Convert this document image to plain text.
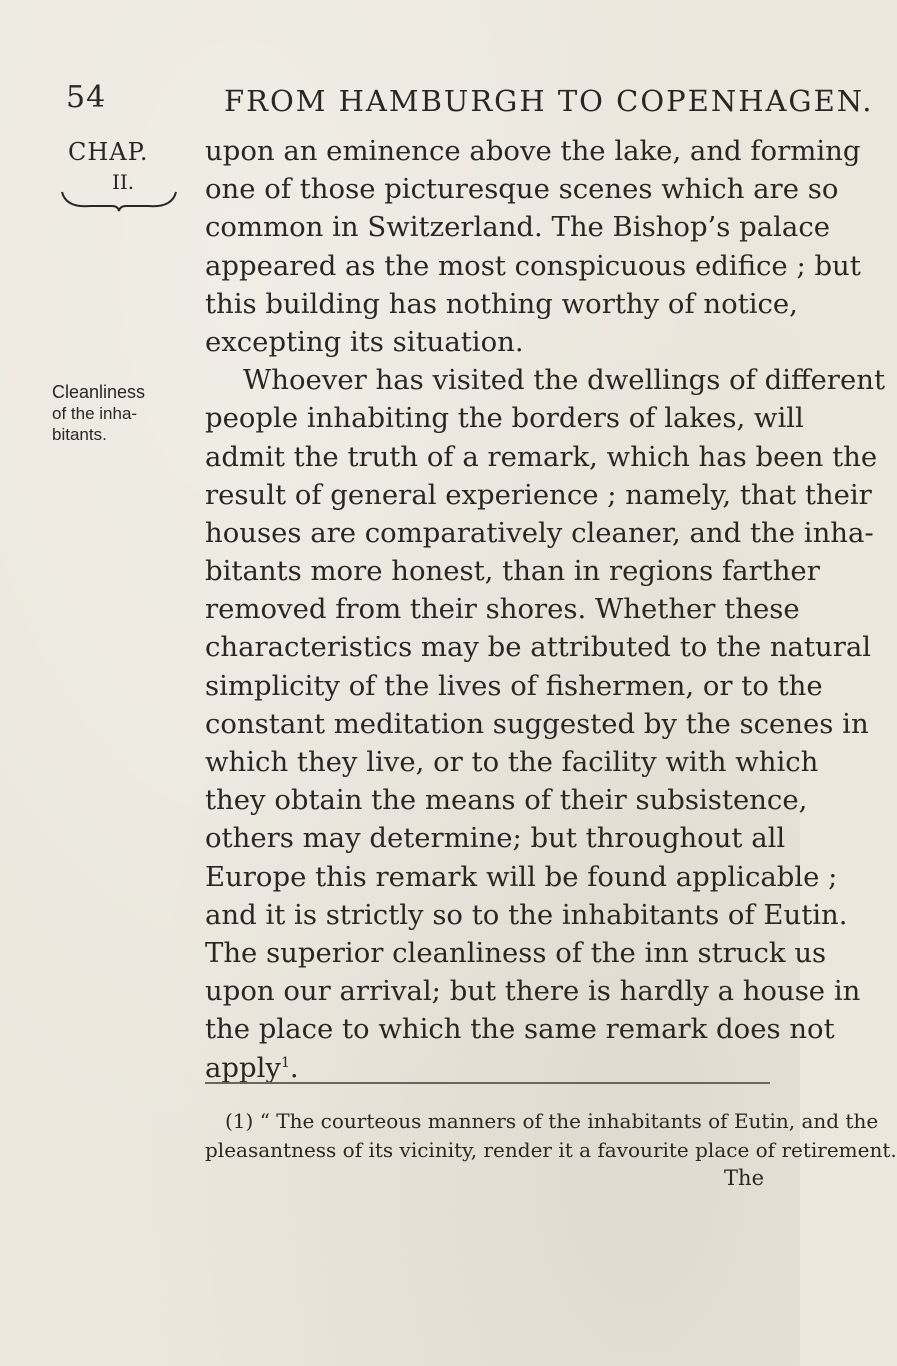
54	FROM HAMBURGH TO COPENHAGEN.
CHAP.
II.
Cleanliness
of the inha-
bitants.
upon an eminence above the lake, and forming
one of those picturesque scenes which are so
common in Switzerland. The Bishop’s palace
appeared as the most conspicuous edifice ; but
this building has nothing worthy of notice,
excepting its situation.
Whoever has visited the dwellings of different
people inhabiting the borders of lakes, will
admit the truth of a remark, which has been the
result of general experience ; namely, that their
houses are comparatively cleaner, and the inha-
bitants more honest, than in regions farther
removed from their shores. Whether these
characteristics may be attributed to the natural
simplicity of the lives of fishermen, or to the
constant meditation suggested by the scenes in
which they live, or to the facility with which
they obtain the means of their subsistence,
others may determine; but throughout all
Europe this remark will be found applicable ;
and it is strictly so to the inhabitants of Eutin.
The superior cleanliness of the inn struck us
upon our arrival; but there is hardly a house in
the place to which the same remark does not
apply$^1$.
(1) “ The courteous manners of the inhabitants of Eutin, and the
pleasantness of its vicinity, render it a favourite place of retirement.
The
